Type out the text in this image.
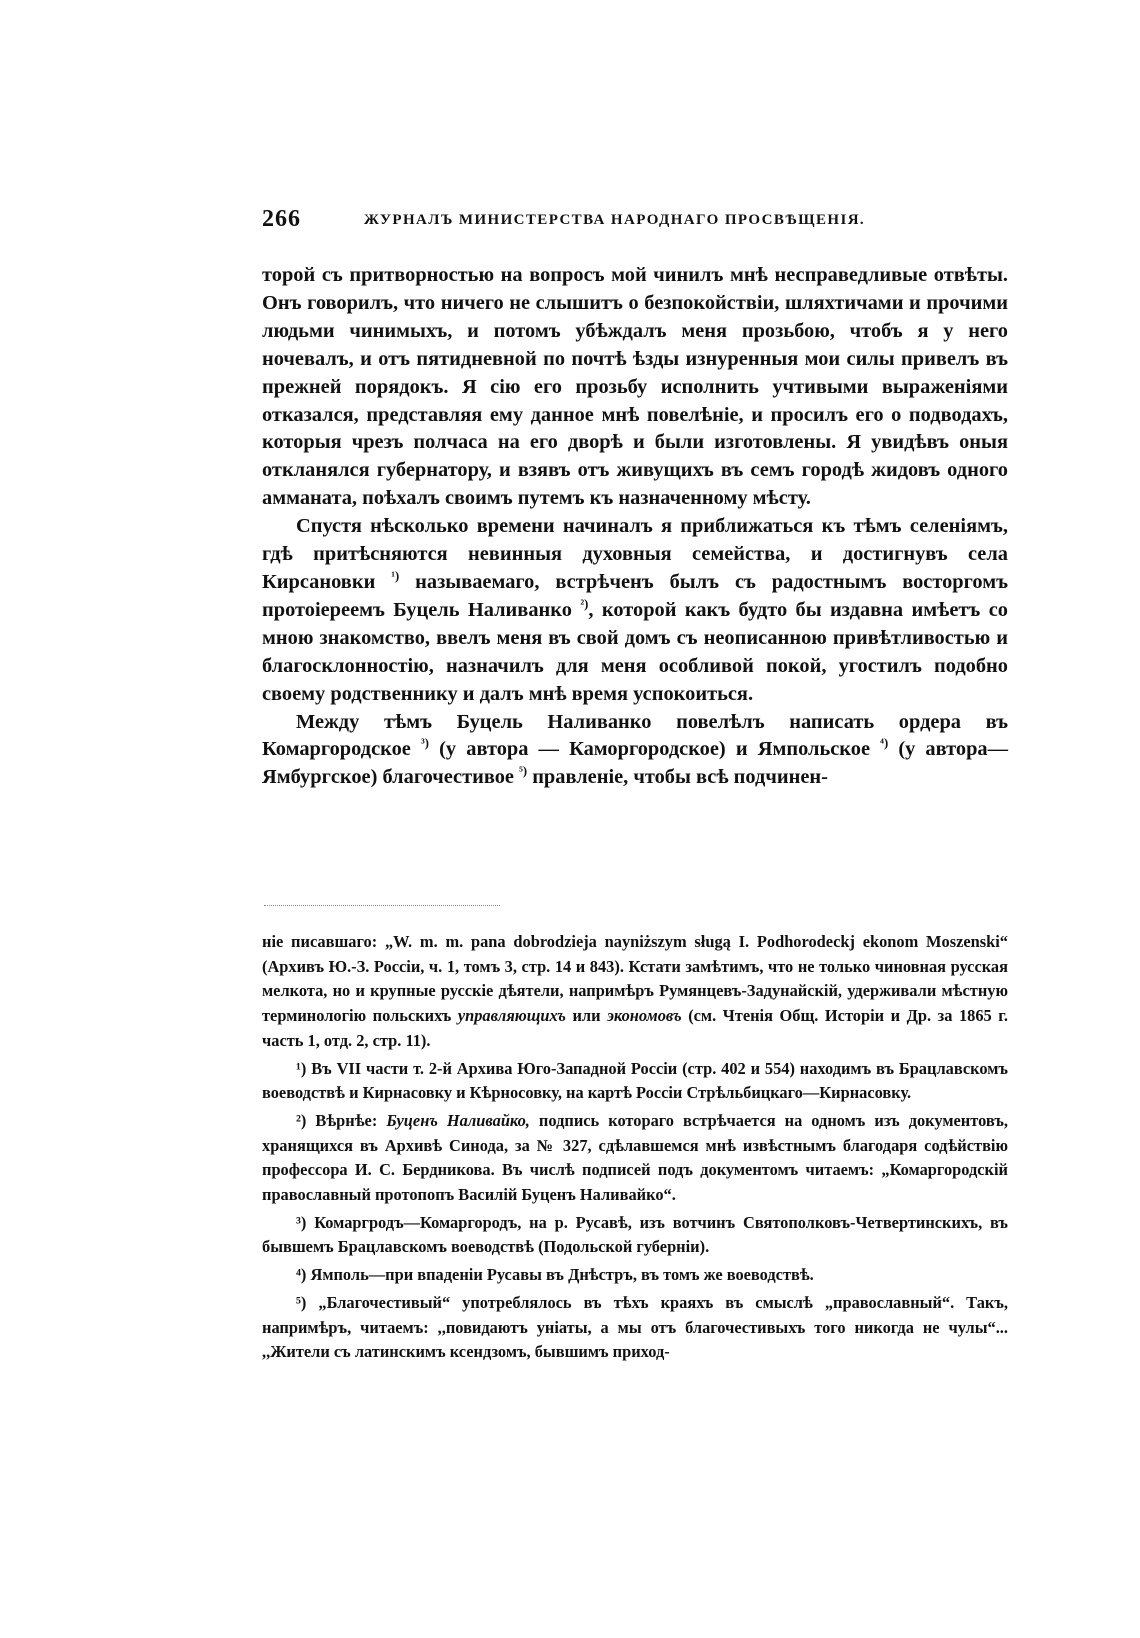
266	ЖУРНАЛЪ МИНИСТЕРСТВА НАРОДНАГО ПРОСВѢЩЕНІЯ.

торой съ притворностью на вопросъ мой чинилъ мнѣ несправедливые отвѣты. Онъ говорилъ, что ничего не слышитъ о безпокойствіи, шляхтичами и прочими людьми чинимыхъ, и потомъ убѣждалъ меня прозьбою, чтобъ я у него ночевалъ, и отъ пятидневной по почтѣ ѣзды изнуренныя мои силы привелъ въ прежней порядокъ. Я сію его прозьбу исполнить учтивыми выраженіями отказался, представляя ему данное мнѣ повелѣніе, и просилъ его о подводахъ, которыя чрезъ полчаса на его дворѣ и были изготовлены. Я увидѣвъ оныя откланялся губернатору, и взявъ отъ живущихъ въ семъ городѣ жидовъ одного амманата, поѣхалъ своимъ путемъ къ назначенному мѣсту.

Спустя нѣсколько времени начиналъ я приближаться къ тѣмъ селеніямъ, гдѣ притѣсняются невинныя духовныя семейства, и достигнувъ села Кирсановки $^{^1)}$ называемаго, встрѣченъ былъ съ радостнымъ восторгомъ протоіереемъ Буцель Наливанко $^{^2)}$, которой какъ будто бы издавна имѣетъ со мною знакомство, ввелъ меня въ свой домъ съ неописанною привѣтливостью и благосклонностію, назначилъ для меня особливой покой, угостилъ подобно своему родственнику и далъ мнѣ время успокоиться.

Между тѣмъ Буцель Наливанко повелѣлъ написать ордера въ Комаргородское $^{^3)}$ (у автора — Каморгородское) и Ямпольское $^{^4)}$ (у автора—Ямбургское) благочестивое $^{^5)}$ правленіе, чтобы всѣ подчинен-

ніе писавшаго: „W. m. m. pana dobrodzieja nayniższym sługą I. Podhorodeckj ekonom Moszenski“ (Архивъ Ю.-З. Россіи, ч. 1, томъ 3, стр. 14 и 843). Кстати замѣтимъ, что не только чиновная русская мелкота, но и крупные русскіе дѣятели, напримѣръ Румянцевъ-Задунайскій, удерживали мѣстную терминологію польскихъ управляющихъ или экономовъ (см. Чтенія Общ. Исторіи и Др. за 1865 г. часть 1, отд. 2, стр. 11).

¹) Въ VII части т. 2-й Архива Юго-Западной Россіи (стр. 402 и 554) находимъ въ Брацлавскомъ воеводствѣ и Кирнасовку и Кѣрносовку, на картѣ Россіи Стрѣльбицкаго—Кирнасовку.

²) Вѣрнѣе: Буценъ Наливайко, подпись котораго встрѣчается на одномъ изъ документовъ, хранящихся въ Архивѣ Синода, за № 327, сдѣлавшемся мнѣ извѣстнымъ благодаря содѣйствію профессора И. С. Бердникова. Въ числѣ подписей подъ документомъ читаемъ: „Комаргородскій православный протопопъ Василій Буценъ Наливайко“.

³) Комаргродъ—Комаргородъ, на р. Русавѣ, изъ вотчинъ Святополковъ-Четвертинскихъ, въ бывшемъ Брацлавскомъ воеводствѣ (Подольской губерніи).

⁴) Ямполь—при впаденіи Русавы въ Днѣстръ, въ томъ же воеводствѣ.

⁵) „Благочестивый“ употреблялось въ тѣхъ краяхъ въ смыслѣ „православный“. Такъ, напримѣръ, читаемъ: ,,повидаютъ уніаты, а мы отъ благочестивыхъ того никогда не чулы“... ,,Жители съ латинскимъ ксендзомъ, бывшимъ приход-
